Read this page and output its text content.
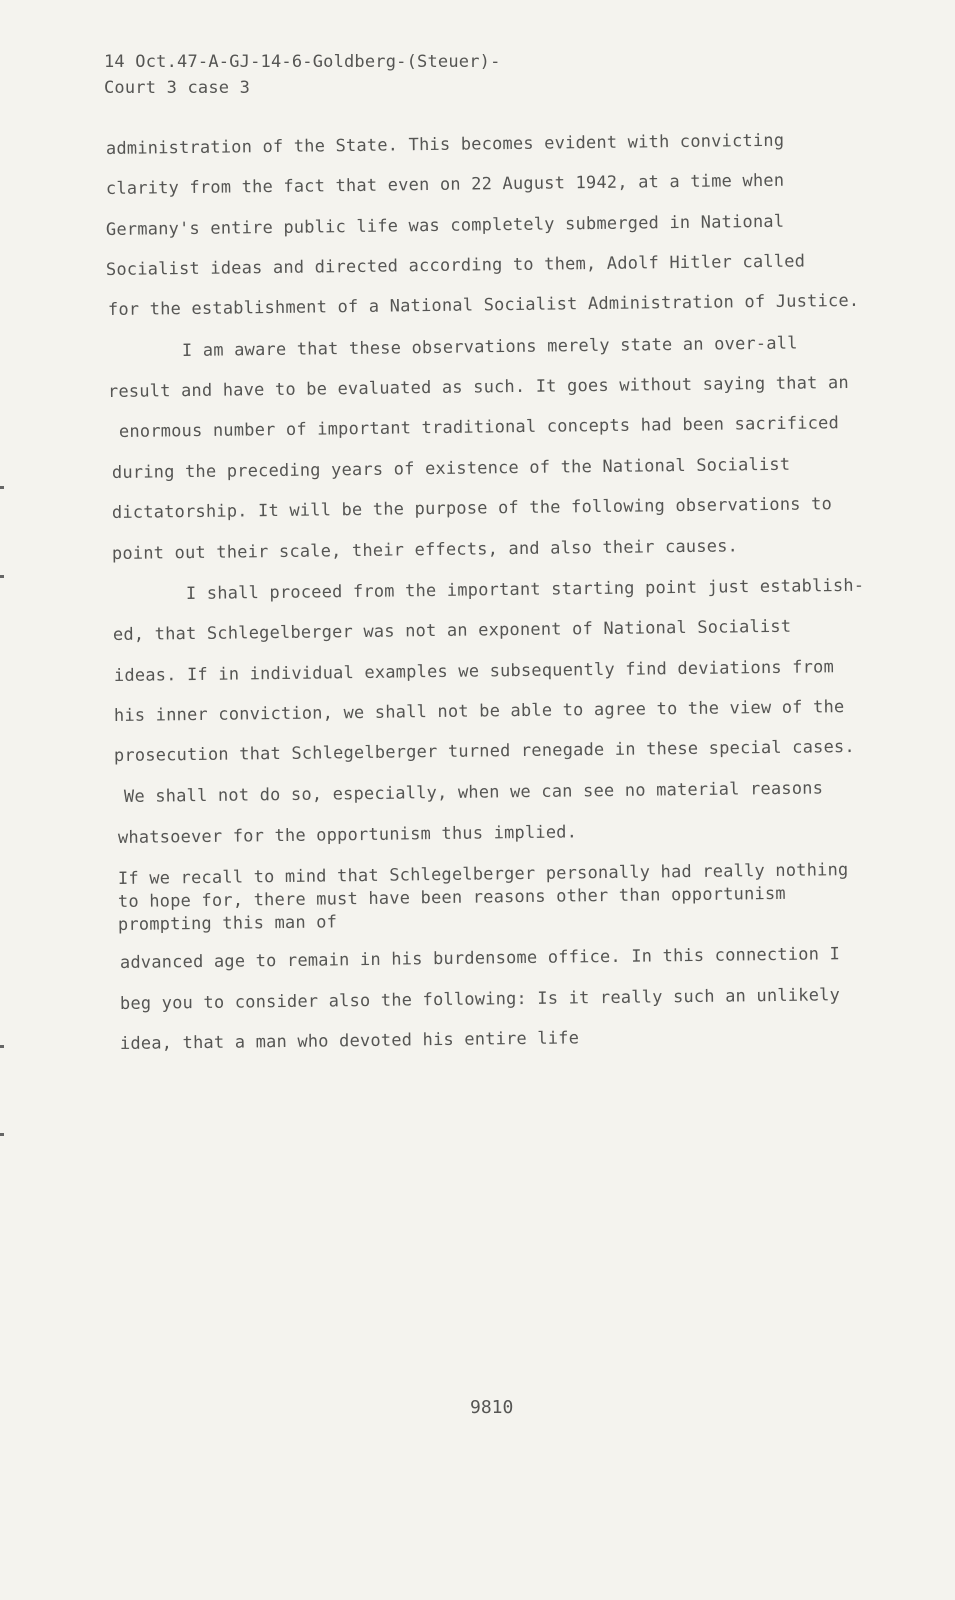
14 Oct.47-A-GJ-14-6-Goldberg-(Steuer)-
Court 3 case 3
administration of the State. This becomes evident with convicting
clarity from the fact that even on 22 August 1942, at a time when
Germany's entire public life was completely submerged in National
Socialist ideas and directed according to them, Adolf Hitler called
for the establishment of a National Socialist Administration of Justice.
I am aware that these observations merely state an over-all
result and have to be evaluated as such. It goes without saying that an
enormous number of important traditional concepts had been sacrificed
during the preceding years of existence of the National Socialist
dictatorship. It will be the purpose of the following observations to
point out their scale, their effects, and also their causes.
I shall proceed from the important starting point just establish-
ed, that Schlegelberger was not an exponent of National Socialist
ideas. If in individual examples we subsequently find deviations from
his inner conviction, we shall not be able to agree to the view of the
prosecution that Schlegelberger turned renegade in these special cases.
We shall not do so, especially, when we can see no material reasons
whatsoever for the opportunism thus implied.
If we recall to mind that Schlegelberger personally had really nothing
to hope for, there must have been reasons other than opportunism
prompting this man of
advanced age to remain in his burdensome office. In this connection I
beg you to consider also the following: Is it really such an unlikely
idea, that a man who devoted his entire life
9810
